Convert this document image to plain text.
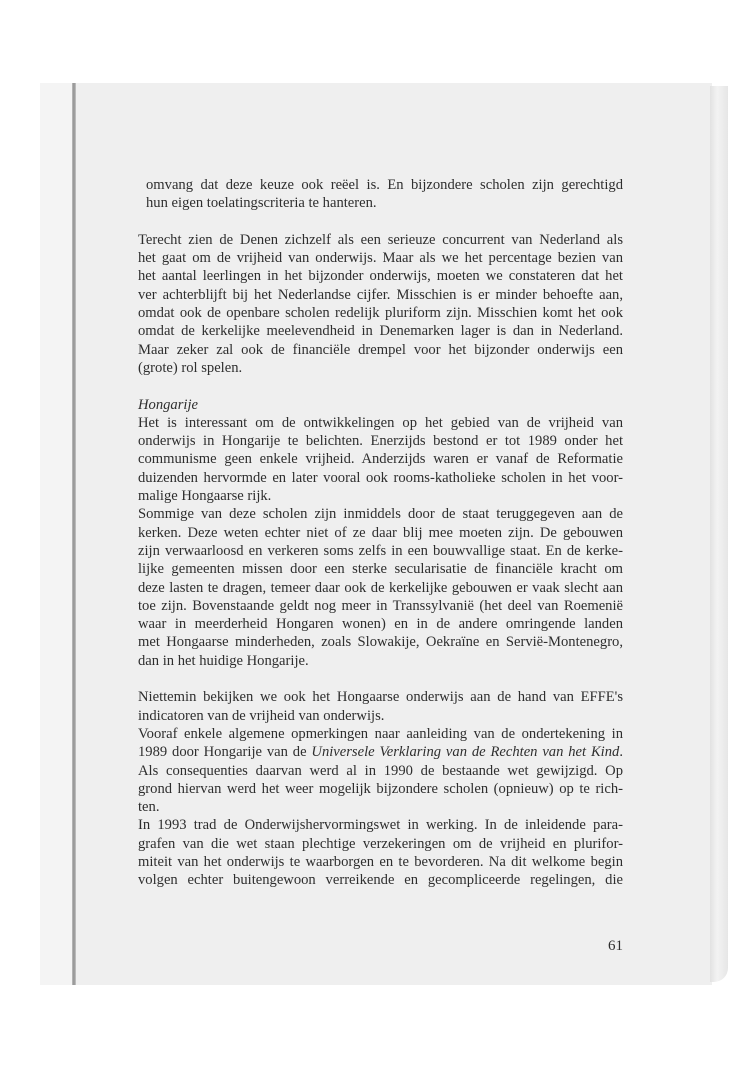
omvang dat deze keuze ook reëel is. En bijzondere scholen zijn gerechtigd
hun eigen toelatingscriteria te hanteren.
Terecht zien de Denen zichzelf als een serieuze concurrent van Nederland als
het gaat om de vrijheid van onderwijs. Maar als we het percentage bezien van
het aantal leerlingen in het bijzonder onderwijs, moeten we constateren dat het
ver achterblijft bij het Nederlandse cijfer. Misschien is er minder behoefte aan,
omdat ook de openbare scholen redelijk pluriform zijn. Misschien komt het ook
omdat de kerkelijke meelevendheid in Denemarken lager is dan in Nederland.
Maar zeker zal ook de financiële drempel voor het bijzonder onderwijs een
(grote) rol spelen.
Hongarije
Het is interessant om de ontwikkelingen op het gebied van de vrijheid van
onderwijs in Hongarije te belichten. Enerzijds bestond er tot 1989 onder het
communisme geen enkele vrijheid. Anderzijds waren er vanaf de Reformatie
duizenden hervormde en later vooral ook rooms-katholieke scholen in het voor-
malige Hongaarse rijk.
Sommige van deze scholen zijn inmiddels door de staat teruggegeven aan de
kerken. Deze weten echter niet of ze daar blij mee moeten zijn. De gebouwen
zijn verwaarloosd en verkeren soms zelfs in een bouwvallige staat. En de kerke-
lijke gemeenten missen door een sterke secularisatie de financiële kracht om
deze lasten te dragen, temeer daar ook de kerkelijke gebouwen er vaak slecht aan
toe zijn. Bovenstaande geldt nog meer in Transsylvanië (het deel van Roemenië
waar in meerderheid Hongaren wonen) en in de andere omringende landen
met Hongaarse minderheden, zoals Slowakije, Oekraïne en Servië-Montenegro,
dan in het huidige Hongarije.
Niettemin bekijken we ook het Hongaarse onderwijs aan de hand van EFFE's
indicatoren van de vrijheid van onderwijs.
Vooraf enkele algemene opmerkingen naar aanleiding van de ondertekening in
1989 door Hongarije van de Universele Verklaring van de Rechten van het Kind.
Als consequenties daarvan werd al in 1990 de bestaande wet gewijzigd. Op
grond hiervan werd het weer mogelijk bijzondere scholen (opnieuw) op te rich-
ten.
In 1993 trad de Onderwijshervormingswet in werking. In de inleidende para-
grafen van die wet staan plechtige verzekeringen om de vrijheid en plurifor-
miteit van het onderwijs te waarborgen en te bevorderen. Na dit welkome begin
volgen echter buitengewoon verreikende en gecompliceerde regelingen, die
61
